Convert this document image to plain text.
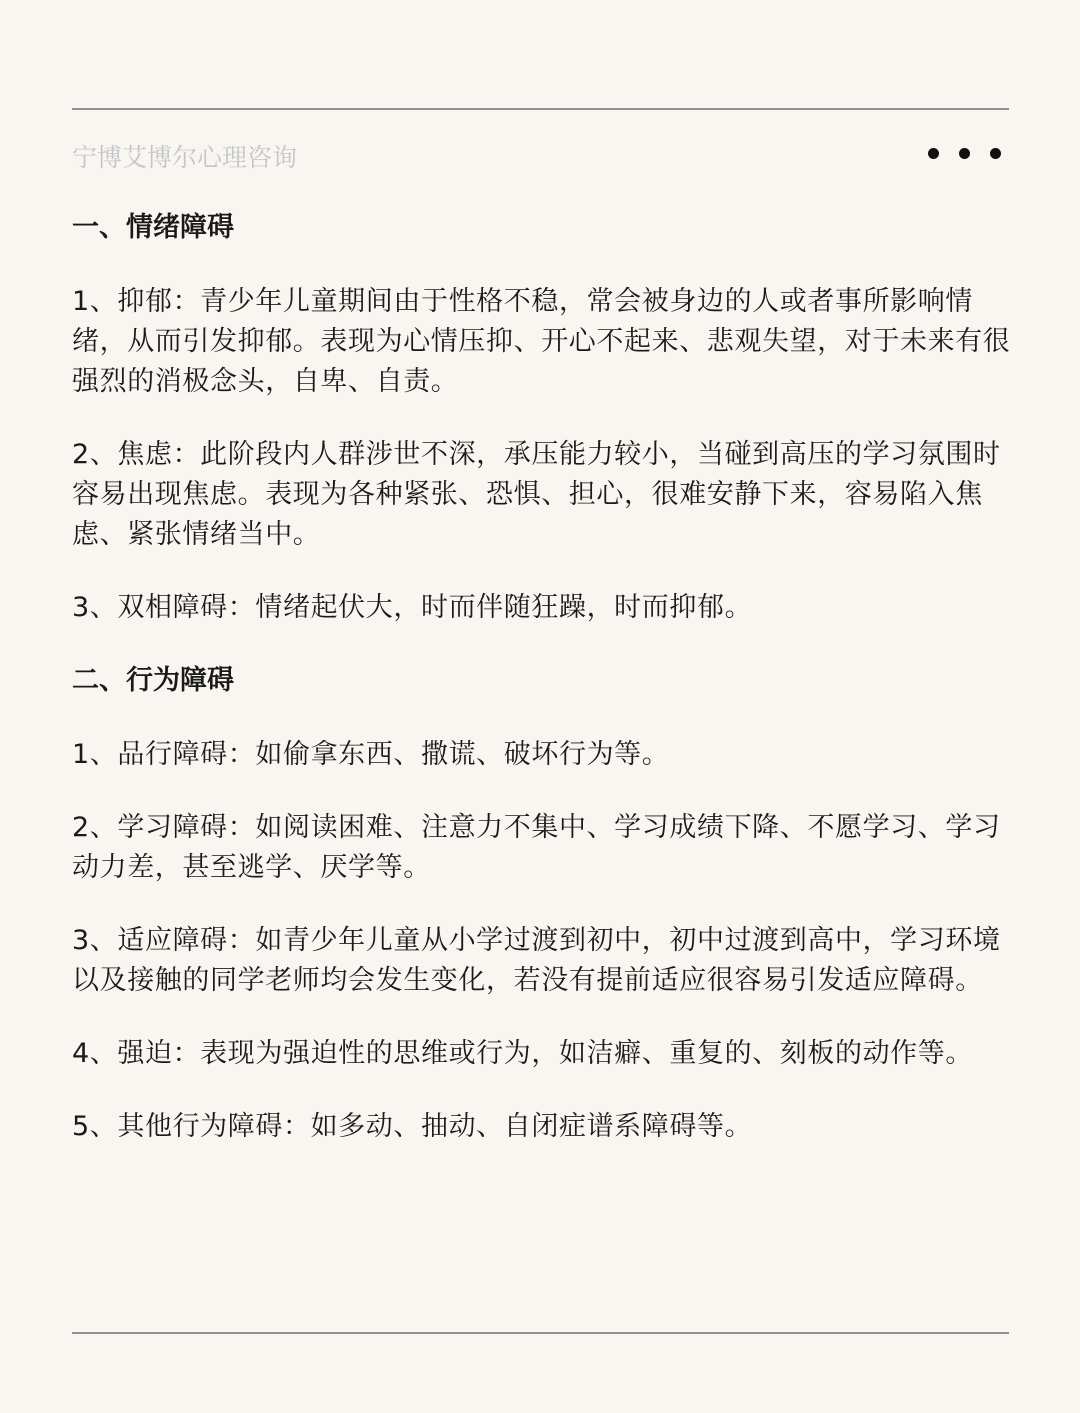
宁博艾博尔心理咨询
一、情绪障碍

1、抑郁：青少年儿童期间由于性格不稳，常会被身边的人或者事所影响情绪，从而引发抑郁。表现为心情压抑、开心不起来、悲观失望，对于未来有很强烈的消极念头，自卑、自责。

2、焦虑：此阶段内人群涉世不深，承压能力较小，当碰到高压的学习氛围时容易出现焦虑。表现为各种紧张、恐惧、担心，很难安静下来，容易陷入焦虑、紧张情绪当中。

3、双相障碍：情绪起伏大，时而伴随狂躁，时而抑郁。

二、行为障碍

1、品行障碍：如偷拿东西、撒谎、破坏行为等。

2、学习障碍：如阅读困难、注意力不集中、学习成绩下降、不愿学习、学习动力差，甚至逃学、厌学等。

3、适应障碍：如青少年儿童从小学过渡到初中，初中过渡到高中，学习环境以及接触的同学老师均会发生变化，若没有提前适应很容易引发适应障碍。

4、强迫：表现为强迫性的思维或行为，如洁癖、重复的、刻板的动作等。

5、其他行为障碍：如多动、抽动、自闭症谱系障碍等。
